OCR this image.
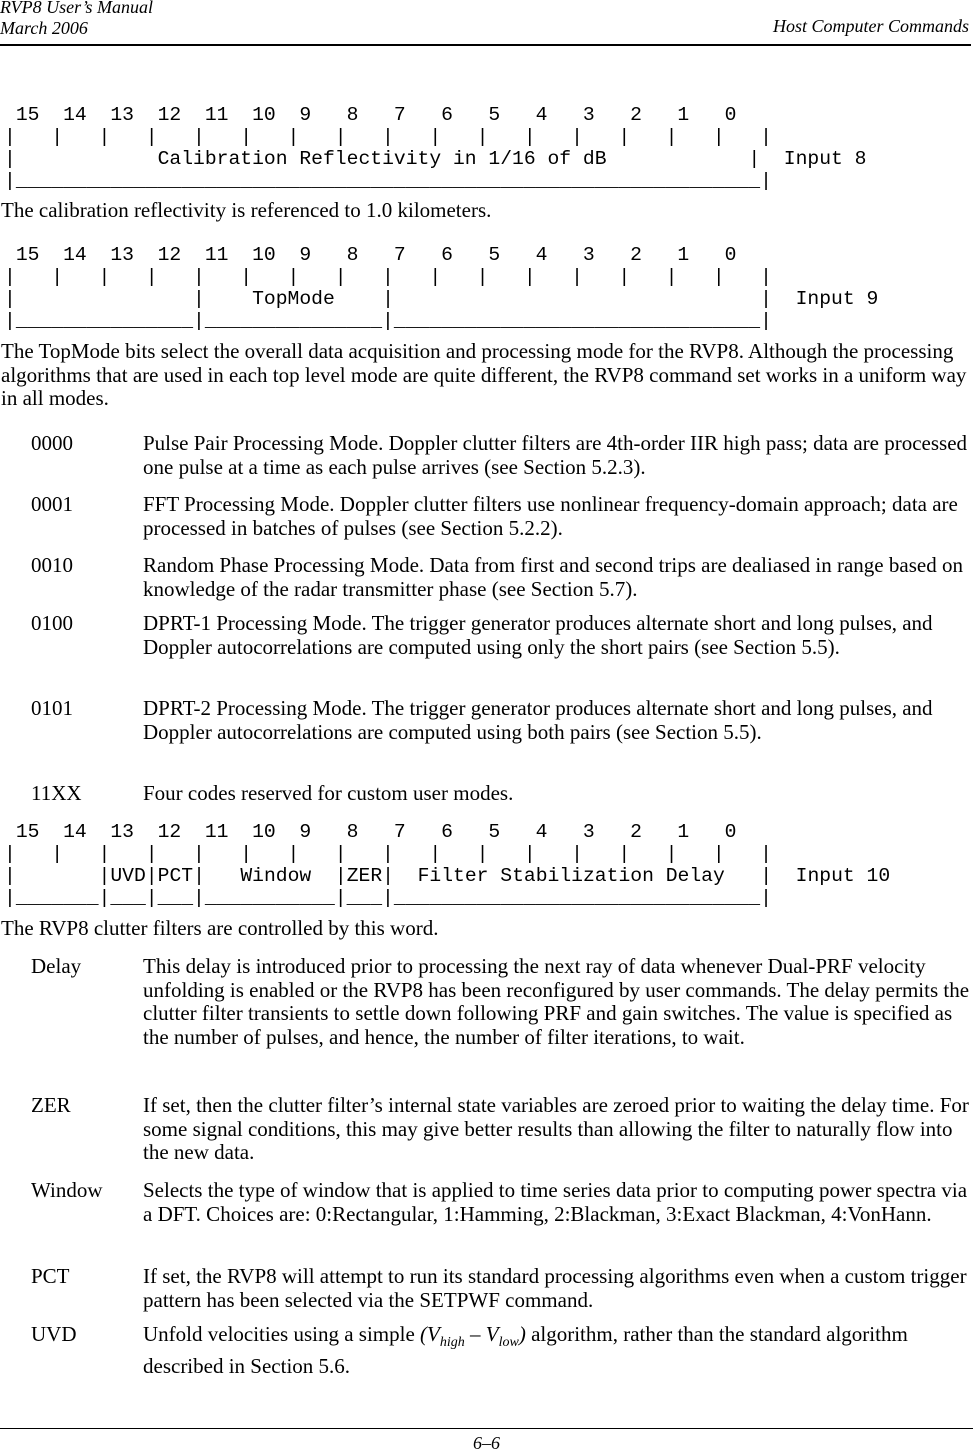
RVP8 User’s Manual
March 2006	Host Computer Commands
15  14  13  12  11  10  9   8   7   6   5   4   3   2   1   0
|   |   |   |   |   |   |   |   |   |   |   |   |   |   |   |   |
|	Calibration Reflectivity in 1/16 of dB            |  Input 8
|_______________________________________________________________|

The calibration reflectivity is referenced to 1.0 kilometers.

15  14  13  12  11  10  9   8   7   6   5   4   3   2   1   0
|   |   |   |   |   |   |   |   |   |   |   |   |   |   |   |   |
|               |    TopMode    |                               |  Input 9
|_______________|_______________|_______________________________|

The TopMode bits select the overall data acquisition and processing mode for the RVP8. Although the processing algorithms that are used in each top level mode are quite different, the RVP8 command set works in a uniform way in all modes.

0000	Pulse Pair Processing Mode. Doppler clutter filters are 4th-order IIR high pass; data are processed one pulse at a time as each pulse arrives (see Section 5.2.3).
0001	FFT Processing Mode. Doppler clutter filters use nonlinear frequency-domain approach; data are processed in batches of pulses (see Section 5.2.2).
0010	Random Phase Processing Mode. Data from first and second trips are dealiased in range based on knowledge of the radar transmitter phase (see Section 5.7).
0100	DPRT-1 Processing Mode. The trigger generator produces alternate short and long pulses, and Doppler autocorrelations are computed using only the short pairs (see Section 5.5).
0101	DPRT-2 Processing Mode. The trigger generator produces alternate short and long pulses, and Doppler autocorrelations are computed using both pairs (see Section 5.5).
11XX	Four codes reserved for custom user modes.
15  14  13  12  11  10  9   8   7   6   5   4   3   2   1   0
|   |   |   |   |   |   |   |   |   |   |   |   |   |   |   |   |
|       |UVD|PCT|   Window  |ZER|  Filter Stabilization Delay   |  Input 10
|_______|___|___|___________|___|_______________________________|

The RVP8 clutter filters are controlled by this word.

Delay	This delay is introduced prior to processing the next ray of data whenever Dual-PRF velocity unfolding is enabled or the RVP8 has been reconfigured by user commands. The delay permits the clutter filter transients to settle down following PRF and gain switches. The value is specified as the number of pulses, and hence, the number of filter iterations, to wait.
ZER	If set, then the clutter filter’s internal state variables are zeroed prior to waiting the delay time. For some signal conditions, this may give better results than allowing the filter to naturally flow into the new data.
Window Selects the type of window that is applied to time series data prior to computing power spectra via a DFT. Choices are: 0:Rectangular, 1:Hamming, 2:Blackman, 3:Exact Blackman, 4:VonHann.
PCT	If set, the RVP8 will attempt to run its standard processing algorithms even when a custom trigger pattern has been selected via the SETPWF command.
UVD	Unfold velocities using a simple $(V_{high} - V_{low})$ algorithm, rather than the standard algorithm described in Section 5.6.
6–6
